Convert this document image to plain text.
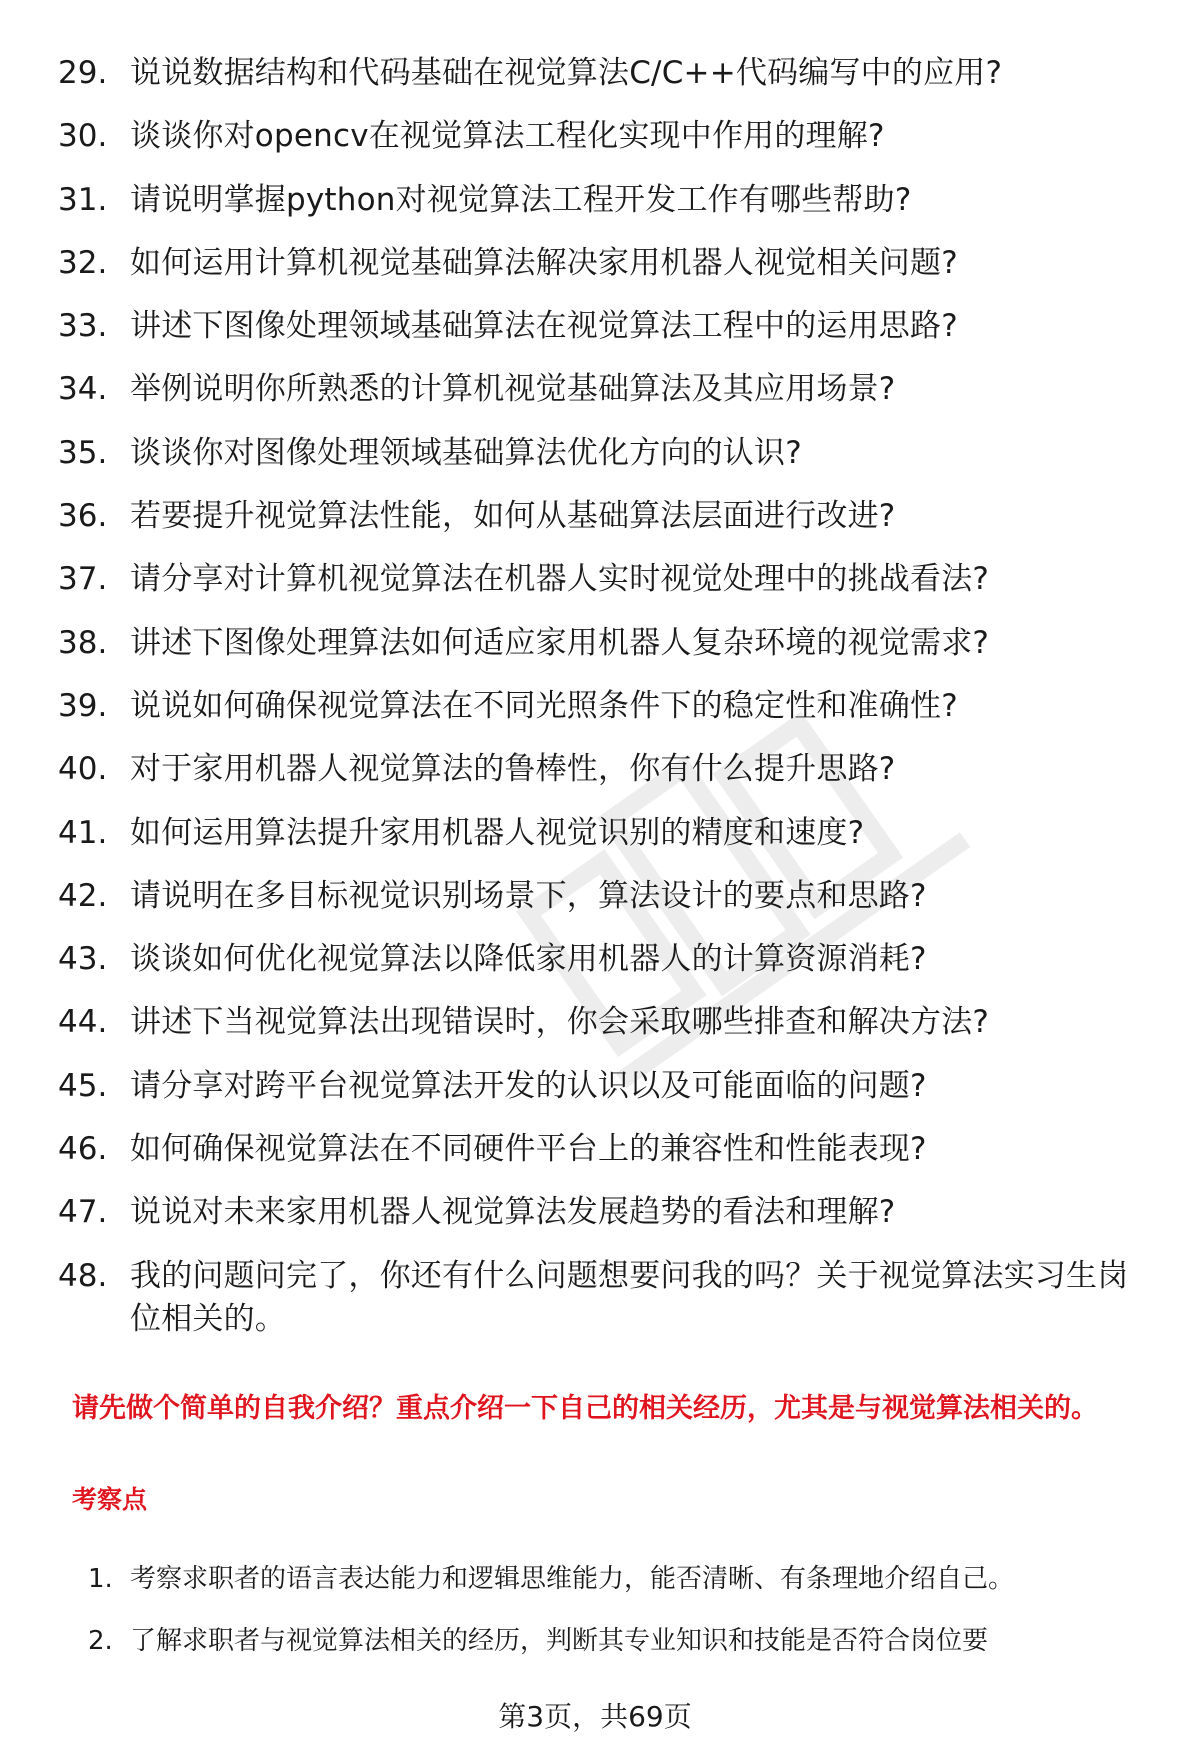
29. 说说数据结构和代码基础在视觉算法C/C++代码编写中的应用?
30. 谈谈你对opencv在视觉算法工程化实现中作用的理解?
31. 请说明掌握python对视觉算法工程开发工作有哪些帮助?
32. 如何运用计算机视觉基础算法解决家用机器人视觉相关问题?
33. 讲述下图像处理领域基础算法在视觉算法工程中的运用思路?
34. 举例说明你所熟悉的计算机视觉基础算法及其应用场景?
35. 谈谈你对图像处理领域基础算法优化方向的认识?
36. 若要提升视觉算法性能，如何从基础算法层面进行改进?
37. 请分享对计算机视觉算法在机器人实时视觉处理中的挑战看法?
38. 讲述下图像处理算法如何适应家用机器人复杂环境的视觉需求?
39. 说说如何确保视觉算法在不同光照条件下的稳定性和准确性?
40. 对于家用机器人视觉算法的鲁棒性，你有什么提升思路?
41. 如何运用算法提升家用机器人视觉识别的精度和速度?
42. 请说明在多目标视觉识别场景下，算法设计的要点和思路?
43. 谈谈如何优化视觉算法以降低家用机器人的计算资源消耗?
44. 讲述下当视觉算法出现错误时，你会采取哪些排查和解决方法?
45. 请分享对跨平台视觉算法开发的认识以及可能面临的问题?
46. 如何确保视觉算法在不同硬件平台上的兼容性和性能表现?
47. 说说对未来家用机器人视觉算法发展趋势的看法和理解?
48. 我的问题问完了，你还有什么问题想要问我的吗？关于视觉算法实习生岗位相关的。

请先做个简单的自我介绍？重点介绍一下自己的相关经历，尤其是与视觉算法相关的。

考察点

1. 考察求职者的语言表达能力和逻辑思维能力，能否清晰、有条理地介绍自己。
2. 了解求职者与视觉算法相关的经历，判断其专业知识和技能是否符合岗位要
第3页，共69页
